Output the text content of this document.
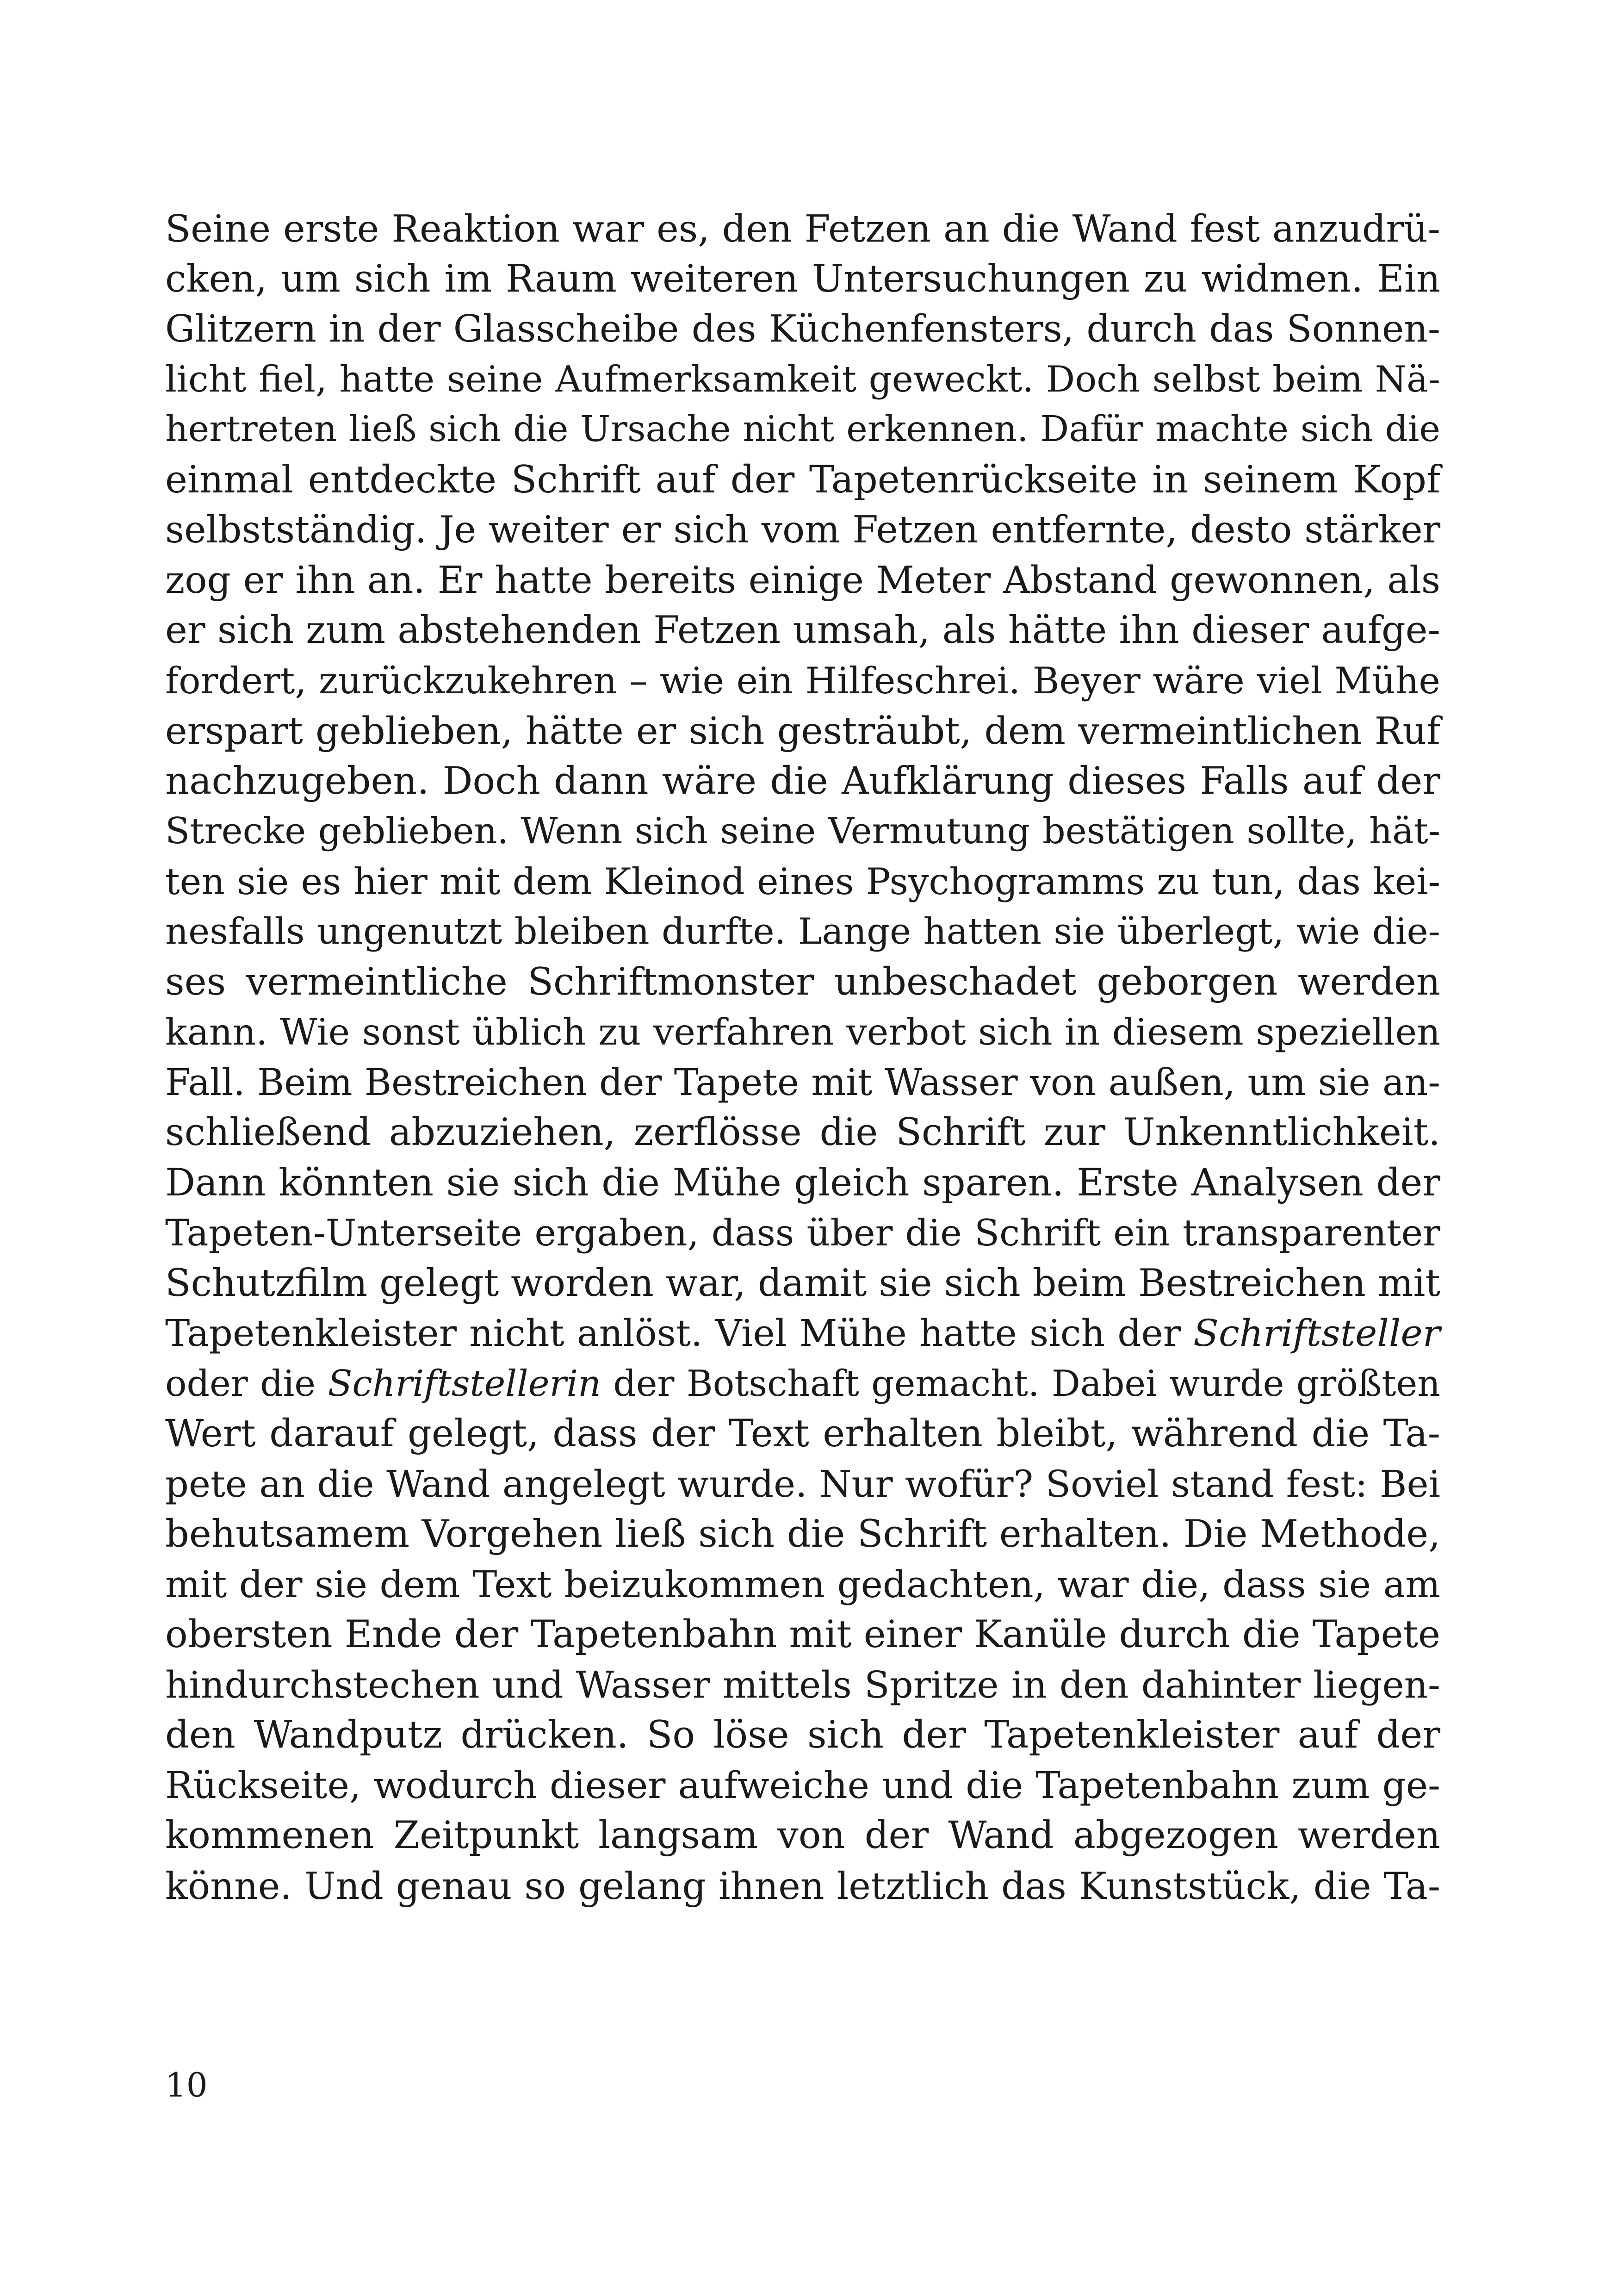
Seine erste Reaktion war es, den Fetzen an die Wand fest anzudrü-
cken, um sich im Raum weiteren Untersuchungen zu widmen. Ein
Glitzern in der Glasscheibe des Küchenfensters, durch das Sonnen-
licht fiel, hatte seine Aufmerksamkeit geweckt. Doch selbst beim Nä-
hertreten ließ sich die Ursache nicht erkennen. Dafür machte sich die
einmal entdeckte Schrift auf der Tapetenrückseite in seinem Kopf
selbstständig. Je weiter er sich vom Fetzen entfernte, desto stärker
zog er ihn an. Er hatte bereits einige Meter Abstand gewonnen, als
er sich zum abstehenden Fetzen umsah, als hätte ihn dieser aufge-
fordert, zurückzukehren – wie ein Hilfeschrei. Beyer wäre viel Mühe
erspart geblieben, hätte er sich gesträubt, dem vermeintlichen Ruf
nachzugeben. Doch dann wäre die Aufklärung dieses Falls auf der
Strecke geblieben. Wenn sich seine Vermutung bestätigen sollte, hät-
ten sie es hier mit dem Kleinod eines Psychogramms zu tun, das kei-
nesfalls ungenutzt bleiben durfte. Lange hatten sie überlegt, wie die-
ses vermeintliche Schriftmonster unbeschadet geborgen werden
kann. Wie sonst üblich zu verfahren verbot sich in diesem speziellen
Fall. Beim Bestreichen der Tapete mit Wasser von außen, um sie an-
schließend abzuziehen, zerflösse die Schrift zur Unkenntlichkeit.
Dann könnten sie sich die Mühe gleich sparen. Erste Analysen der
Tapeten-Unterseite ergaben, dass über die Schrift ein transparenter
Schutzfilm gelegt worden war, damit sie sich beim Bestreichen mit
Tapetenkleister nicht anlöst. Viel Mühe hatte sich der Schriftsteller
oder die Schriftstellerin der Botschaft gemacht. Dabei wurde größten
Wert darauf gelegt, dass der Text erhalten bleibt, während die Ta-
pete an die Wand angelegt wurde. Nur wofür? Soviel stand fest: Bei
behutsamem Vorgehen ließ sich die Schrift erhalten. Die Methode,
mit der sie dem Text beizukommen gedachten, war die, dass sie am
obersten Ende der Tapetenbahn mit einer Kanüle durch die Tapete
hindurchstechen und Wasser mittels Spritze in den dahinter liegen-
den Wandputz drücken. So löse sich der Tapetenkleister auf der
Rückseite, wodurch dieser aufweiche und die Tapetenbahn zum ge-
kommenen Zeitpunkt langsam von der Wand abgezogen werden
könne. Und genau so gelang ihnen letztlich das Kunststück, die Ta-
10
